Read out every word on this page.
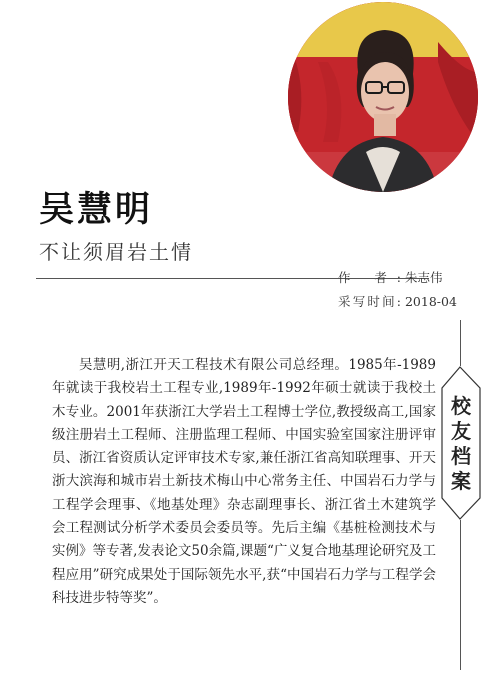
吴慧明
不让须眉岩土情
作 者: 朱志伟
采写时间: 2018-04
校
友
档
案

吴慧明,浙江开天工程技术有限公司总经理。1985年-1989年就读于我校岩土工程专业,1989年-1992年硕士就读于我校土木专业。2001年获浙江大学岩土工程博士学位,教授级高工,国家级注册岩土工程师、注册监理工程师、中国实验室国家注册评审员、浙江省资质认定评审技术专家,兼任浙江省高知联理事、开天浙大滨海和城市岩土新技术梅山中心常务主任、中国岩石力学与工程学会理事、《地基处理》杂志副理事长、浙江省土木建筑学会工程测试分析学术委员会委员等。先后主编《基桩检测技术与实例》等专著,发表论文50余篇,课题“广义复合地基理论研究及工程应用”研究成果处于国际领先水平,获“中国岩石力学与工程学会科技进步特等奖”。
